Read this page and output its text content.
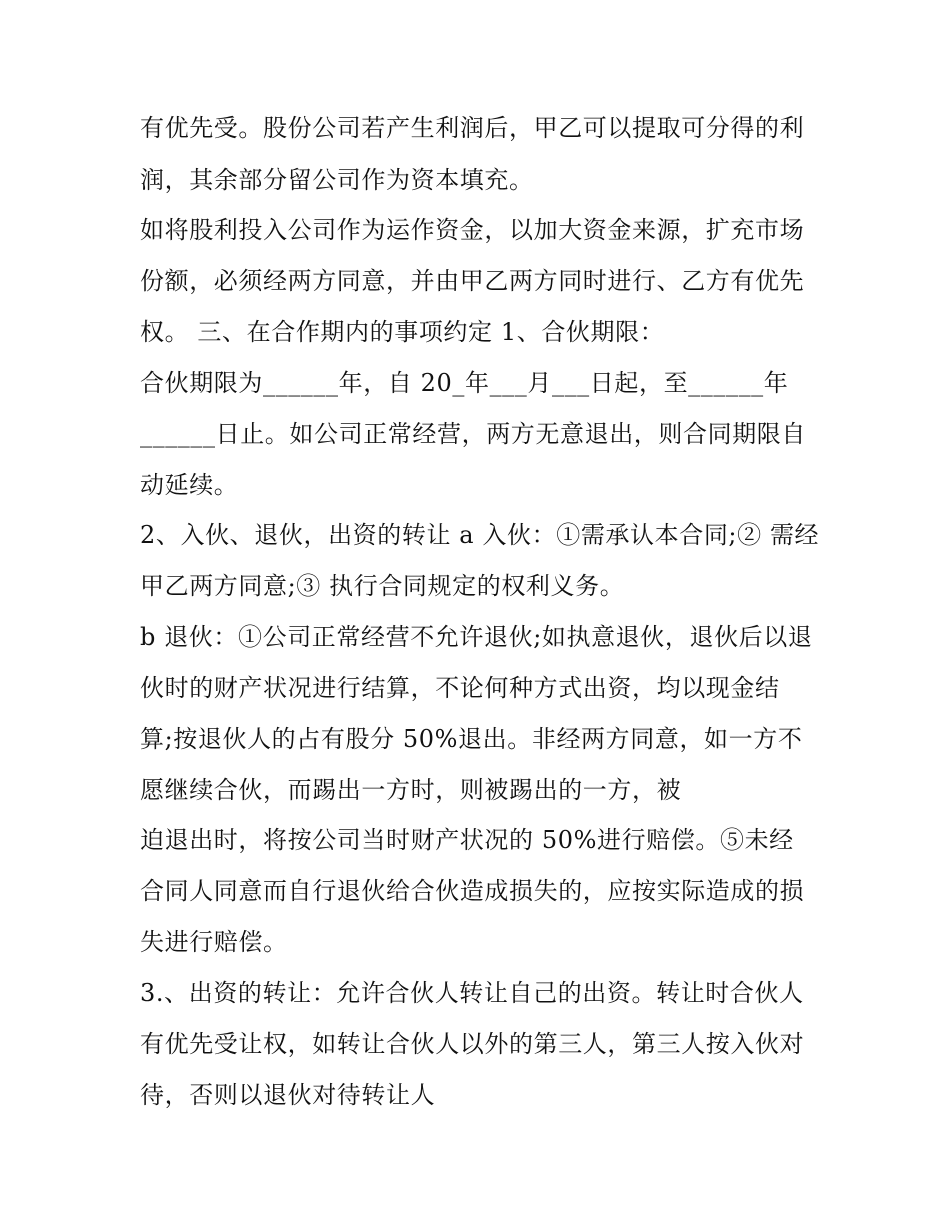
有优先受。股份公司若产生利润后，甲乙可以提取可分得的利
润，其余部分留公司作为资本填充。
如将股利投入公司作为运作资金，以加大资金来源，扩充市场
份额，必须经两方同意，并由甲乙两方同时进行、乙方有优先
权。 三、在合作期内的事项约定 1、合伙期限：
合伙期限为______年，自 20_年___月___日起，至______年
______日止。如公司正常经营，两方无意退出，则合同期限自
动延续。
2、入伙、退伙，出资的转让 a 入伙：①需承认本合同;② 需经
甲乙两方同意;③ 执行合同规定的权利义务。
b 退伙：①公司正常经营不允许退伙;如执意退伙，退伙后以退
伙时的财产状况进行结算，不论何种方式出资，均以现金结
算;按退伙人的占有股分 50%退出。非经两方同意，如一方不
愿继续合伙，而踢出一方时，则被踢出的一方，被
迫退出时，将按公司当时财产状况的 50%进行赔偿。⑤未经
合同人同意而自行退伙给合伙造成损失的，应按实际造成的损
失进行赔偿。
3.、出资的转让：允许合伙人转让自己的出资。转让时合伙人
有优先受让权，如转让合伙人以外的第三人，第三人按入伙对
待，否则以退伙对待转让人
